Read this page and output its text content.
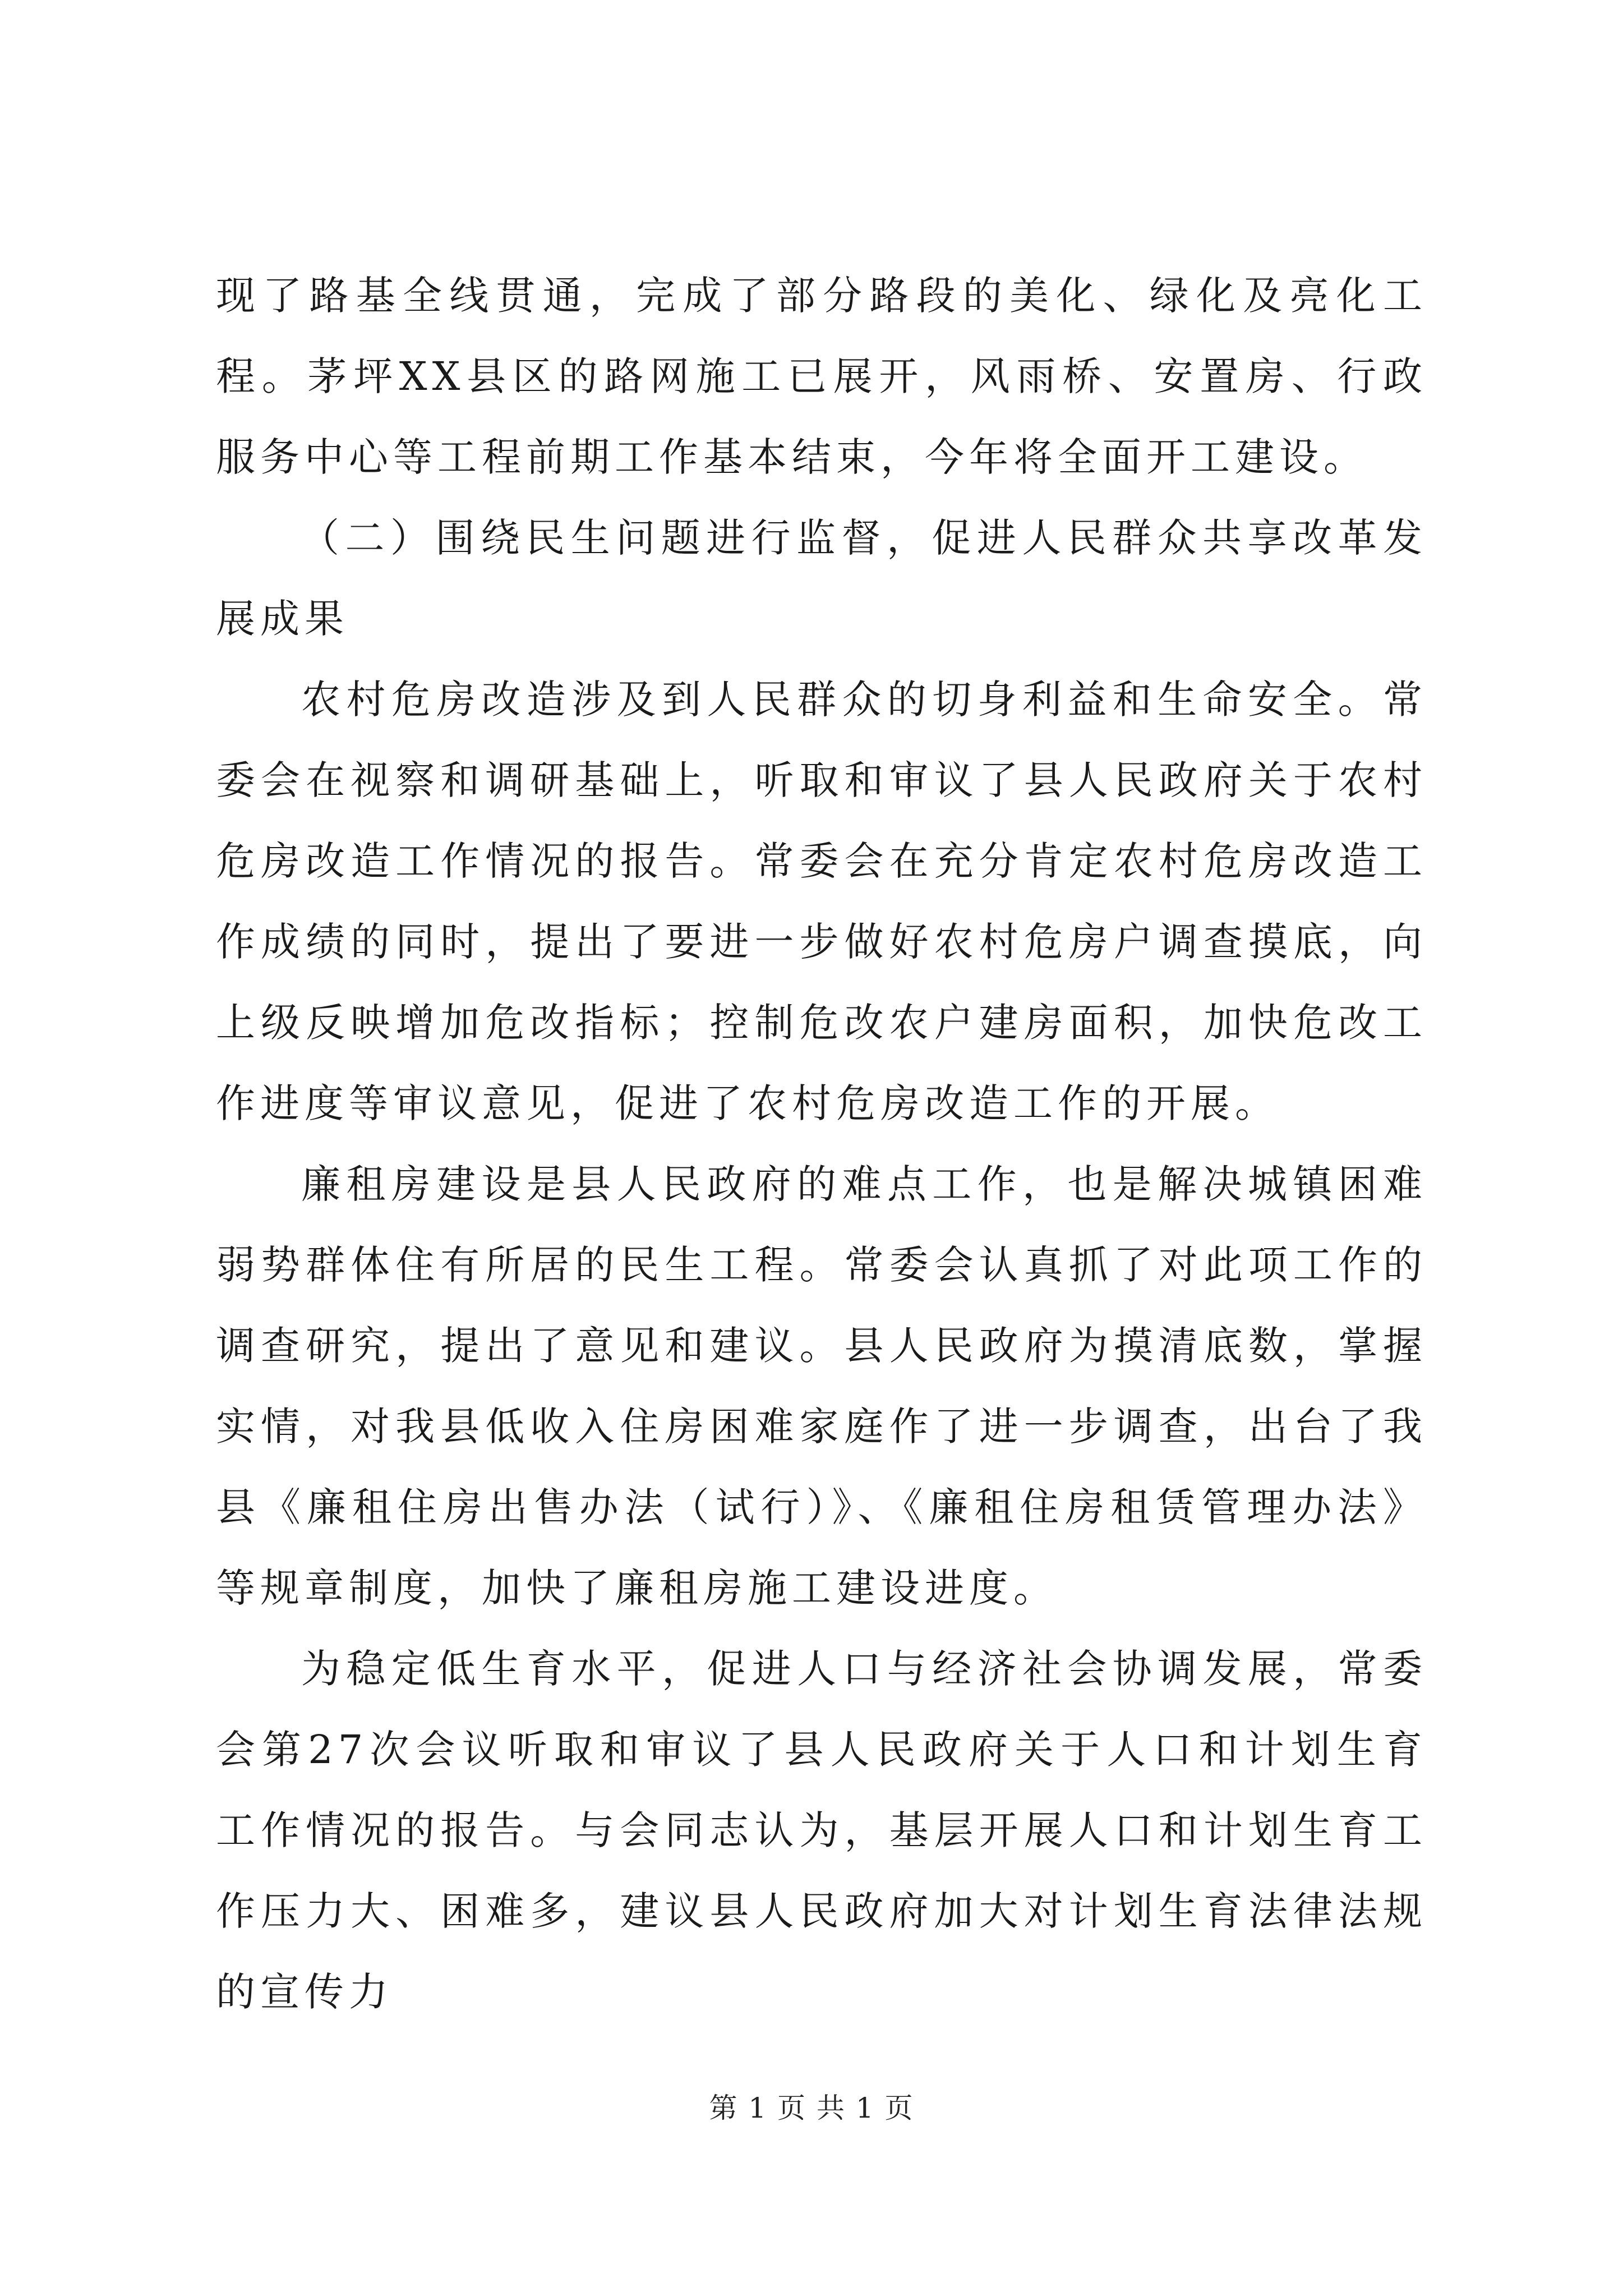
现了路基全线贯通，完成了部分路段的美化、绿化及亮化工程。茅坪XX县区的路网施工已展开，风雨桥、安置房、行政服务中心等工程前期工作基本结束，今年将全面开工建设。

（二）围绕民生问题进行监督，促进人民群众共享改革发展成果

农村危房改造涉及到人民群众的切身利益和生命安全。常委会在视察和调研基础上，听取和审议了县人民政府关于农村危房改造工作情况的报告。常委会在充分肯定农村危房改造工作成绩的同时，提出了要进一步做好农村危房户调查摸底，向上级反映增加危改指标；控制危改农户建房面积，加快危改工作进度等审议意见，促进了农村危房改造工作的开展。

廉租房建设是县人民政府的难点工作，也是解决城镇困难弱势群体住有所居的民生工程。常委会认真抓了对此项工作的调查研究，提出了意见和建议。县人民政府为摸清底数，掌握实情，对我县低收入住房困难家庭作了进一步调查，出台了我县《廉租住房出售办法（试行）》、《廉租住房租赁管理办法》等规章制度，加快了廉租房施工建设进度。

为稳定低生育水平，促进人口与经济社会协调发展，常委会第27次会议听取和审议了县人民政府关于人口和计划生育工作情况的报告。与会同志认为，基层开展人口和计划生育工作压力大、困难多，建议县人民政府加大对计划生育法律法规的宣传力

第 1 页 共 1 页
